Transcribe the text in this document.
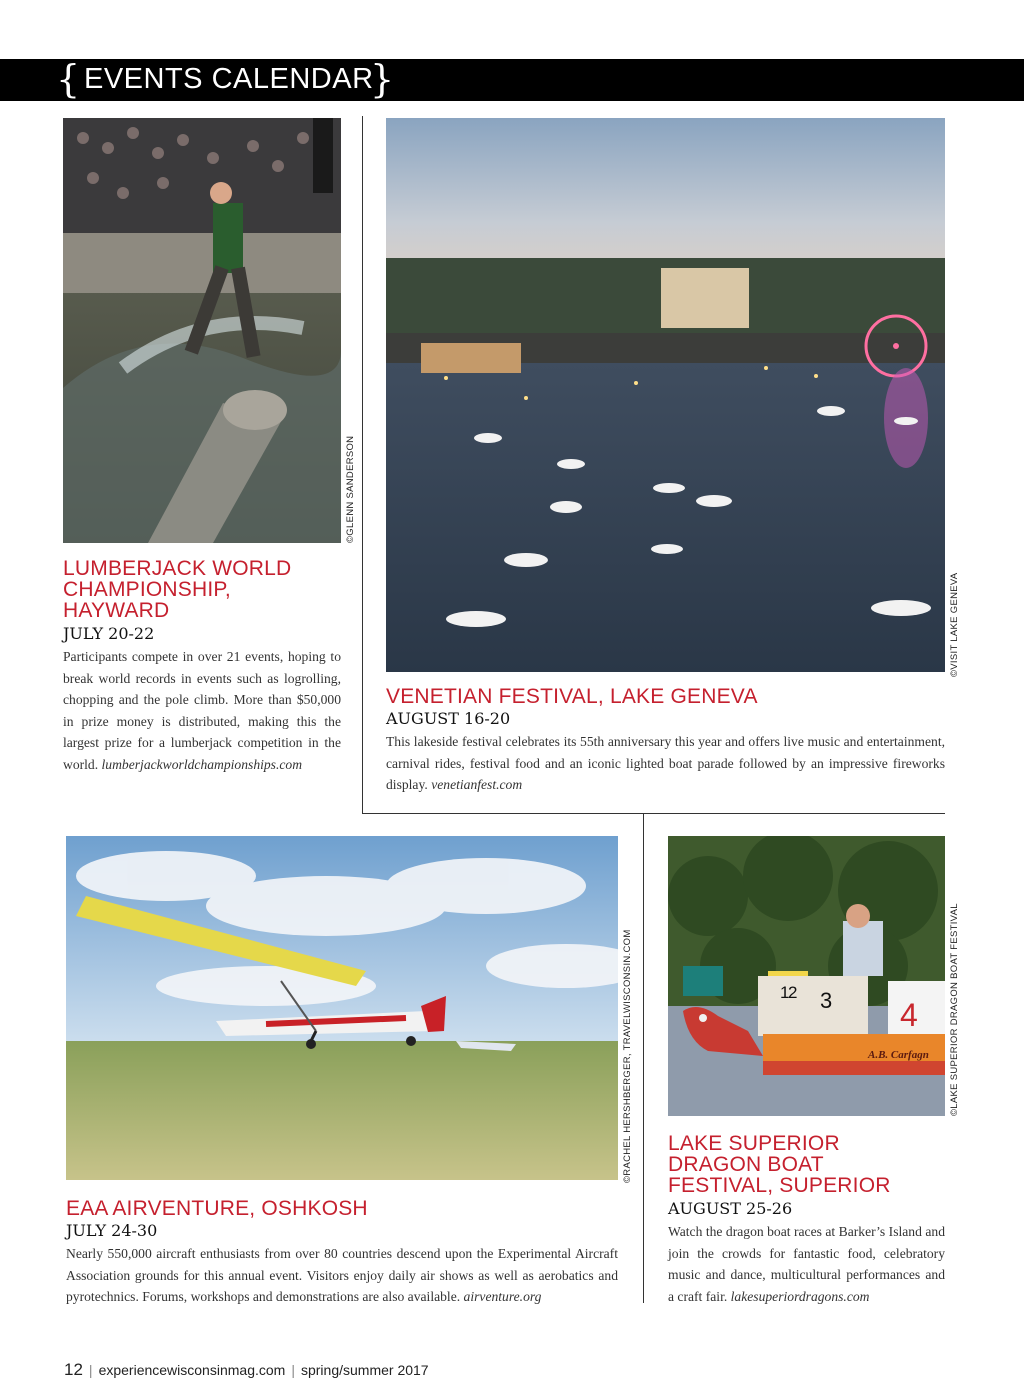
{ EVENTS CALENDAR
}
©GLENN SANDERSON
©VISIT LAKE GENEVA
LUMBERJACK WORLD
CHAMPIONSHIP,
HAYWARD
JULY 20-22
Participants compete in over 21 events, hoping to break world records in events such as logrolling, chopping and the pole climb. More than $50,000 in prize money is distributed, making this the largest prize for a lumberjack competition in the world. lumberjackworldchampionships.com
VENETIAN FESTIVAL, LAKE GENEVA
AUGUST 16-20
This lakeside festival celebrates its 55th anniversary this year and offers live music and entertainment, carnival rides, festival food and an iconic lighted boat parade followed by an impressive fireworks display. venetianfest.com
©RACHEL HERSHBERGER, TRAVELWISCONSIN.COM	1
2 3 4
A.B. Carfagn ©LAKE SUPERIOR DRAGON BOAT FESTIVAL
EAA AIRVENTURE, OSHKOSH
JULY 24-30
Nearly 550,000 aircraft enthusiasts from over 80 countries descend upon the Experimental Aircraft Association grounds for this annual event. Visitors enjoy daily air shows as well as aerobatics and pyrotechnics. Forums, workshops and demonstrations are also available. airventure.org
LAKE SUPERIOR
DRAGON BOAT
FESTIVAL, SUPERIOR
AUGUST 25-26
Watch the dragon boat races at Barker’s Island and join the crowds for fantastic food, celebratory music and dance, multicultural performances and a craft fair. lakesuperiordragons.com
12 | experiencewisconsinmag.com | spring/summer 2017
